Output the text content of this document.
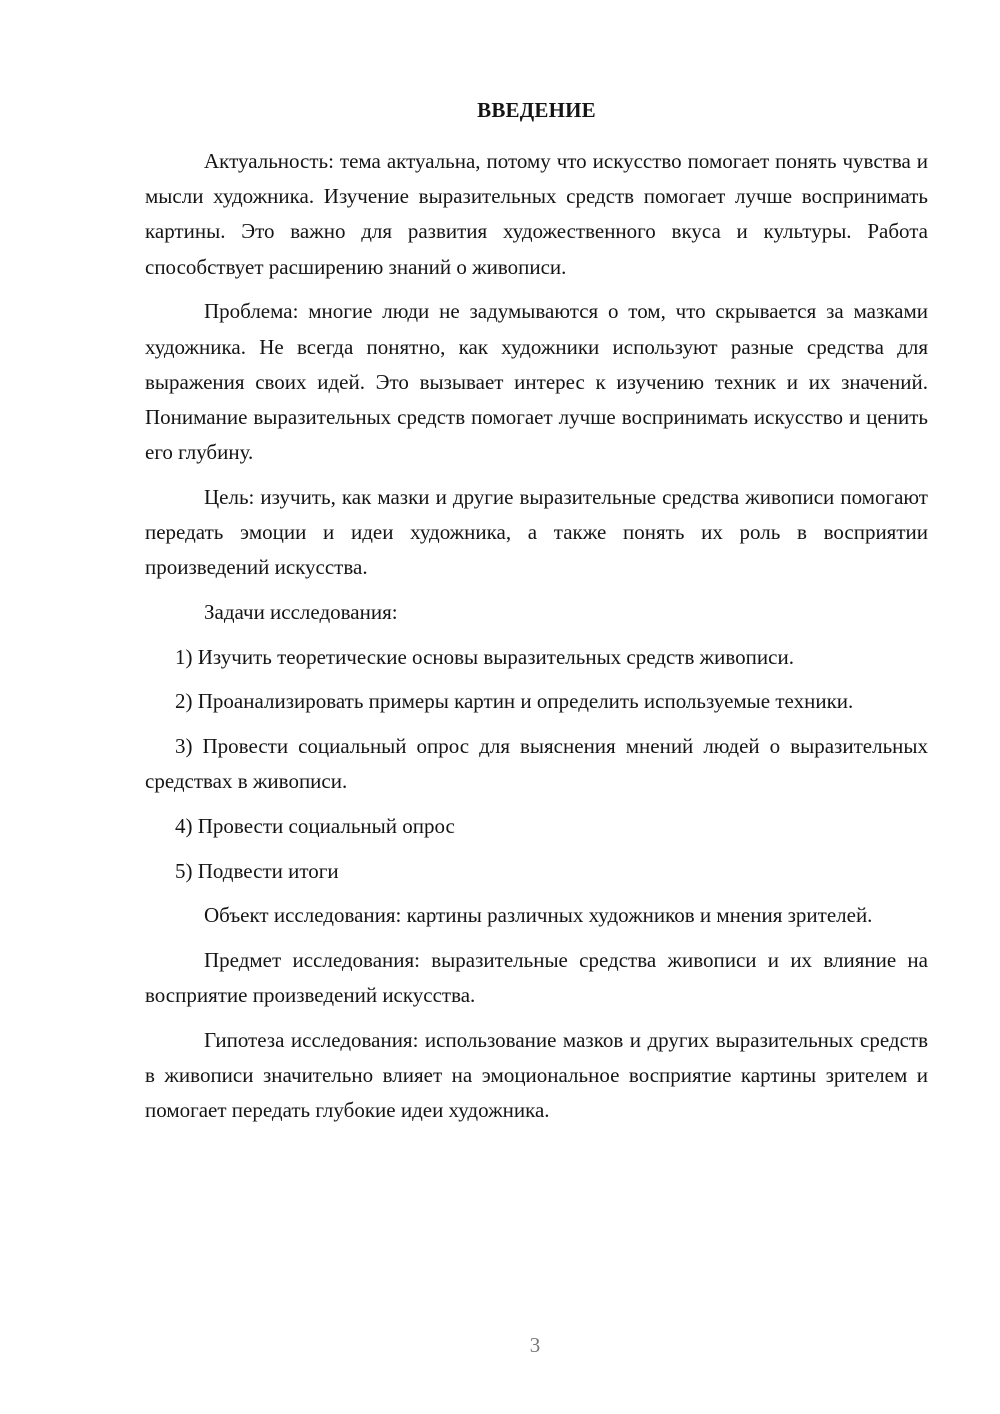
ВВЕДЕНИЕ

Актуальность: тема актуальна, потому что искусство помогает понять чувства и мысли художника. Изучение выразительных средств помогает лучше воспринимать картины. Это важно для развития художественного вкуса и культуры. Работа способствует расширению знаний о живописи.

Проблема: многие люди не задумываются о том, что скрывается за мазками художника. Не всегда понятно, как художники используют разные средства для выражения своих идей. Это вызывает интерес к изучению техник и их значений. Понимание выразительных средств помогает лучше воспринимать искусство и ценить его глубину.

Цель: изучить, как мазки и другие выразительные средства живописи помогают передать эмоции и идеи художника, а также понять их роль в восприятии произведений искусства.

Задачи исследования:

1) Изучить теоретические основы выразительных средств живописи.

2) Проанализировать примеры картин и определить используемые техники.

3) Провести социальный опрос для выяснения мнений людей о выразительных средствах в живописи.

4) Провести социальный опрос

5) Подвести итоги

Объект исследования: картины различных художников и мнения зрителей.

Предмет исследования: выразительные средства живописи и их влияние на восприятие произведений искусства.

Гипотеза исследования: использование мазков и других выразительных средств в живописи значительно влияет на эмоциональное восприятие картины зрителем и помогает передать глубокие идеи художника.

3
